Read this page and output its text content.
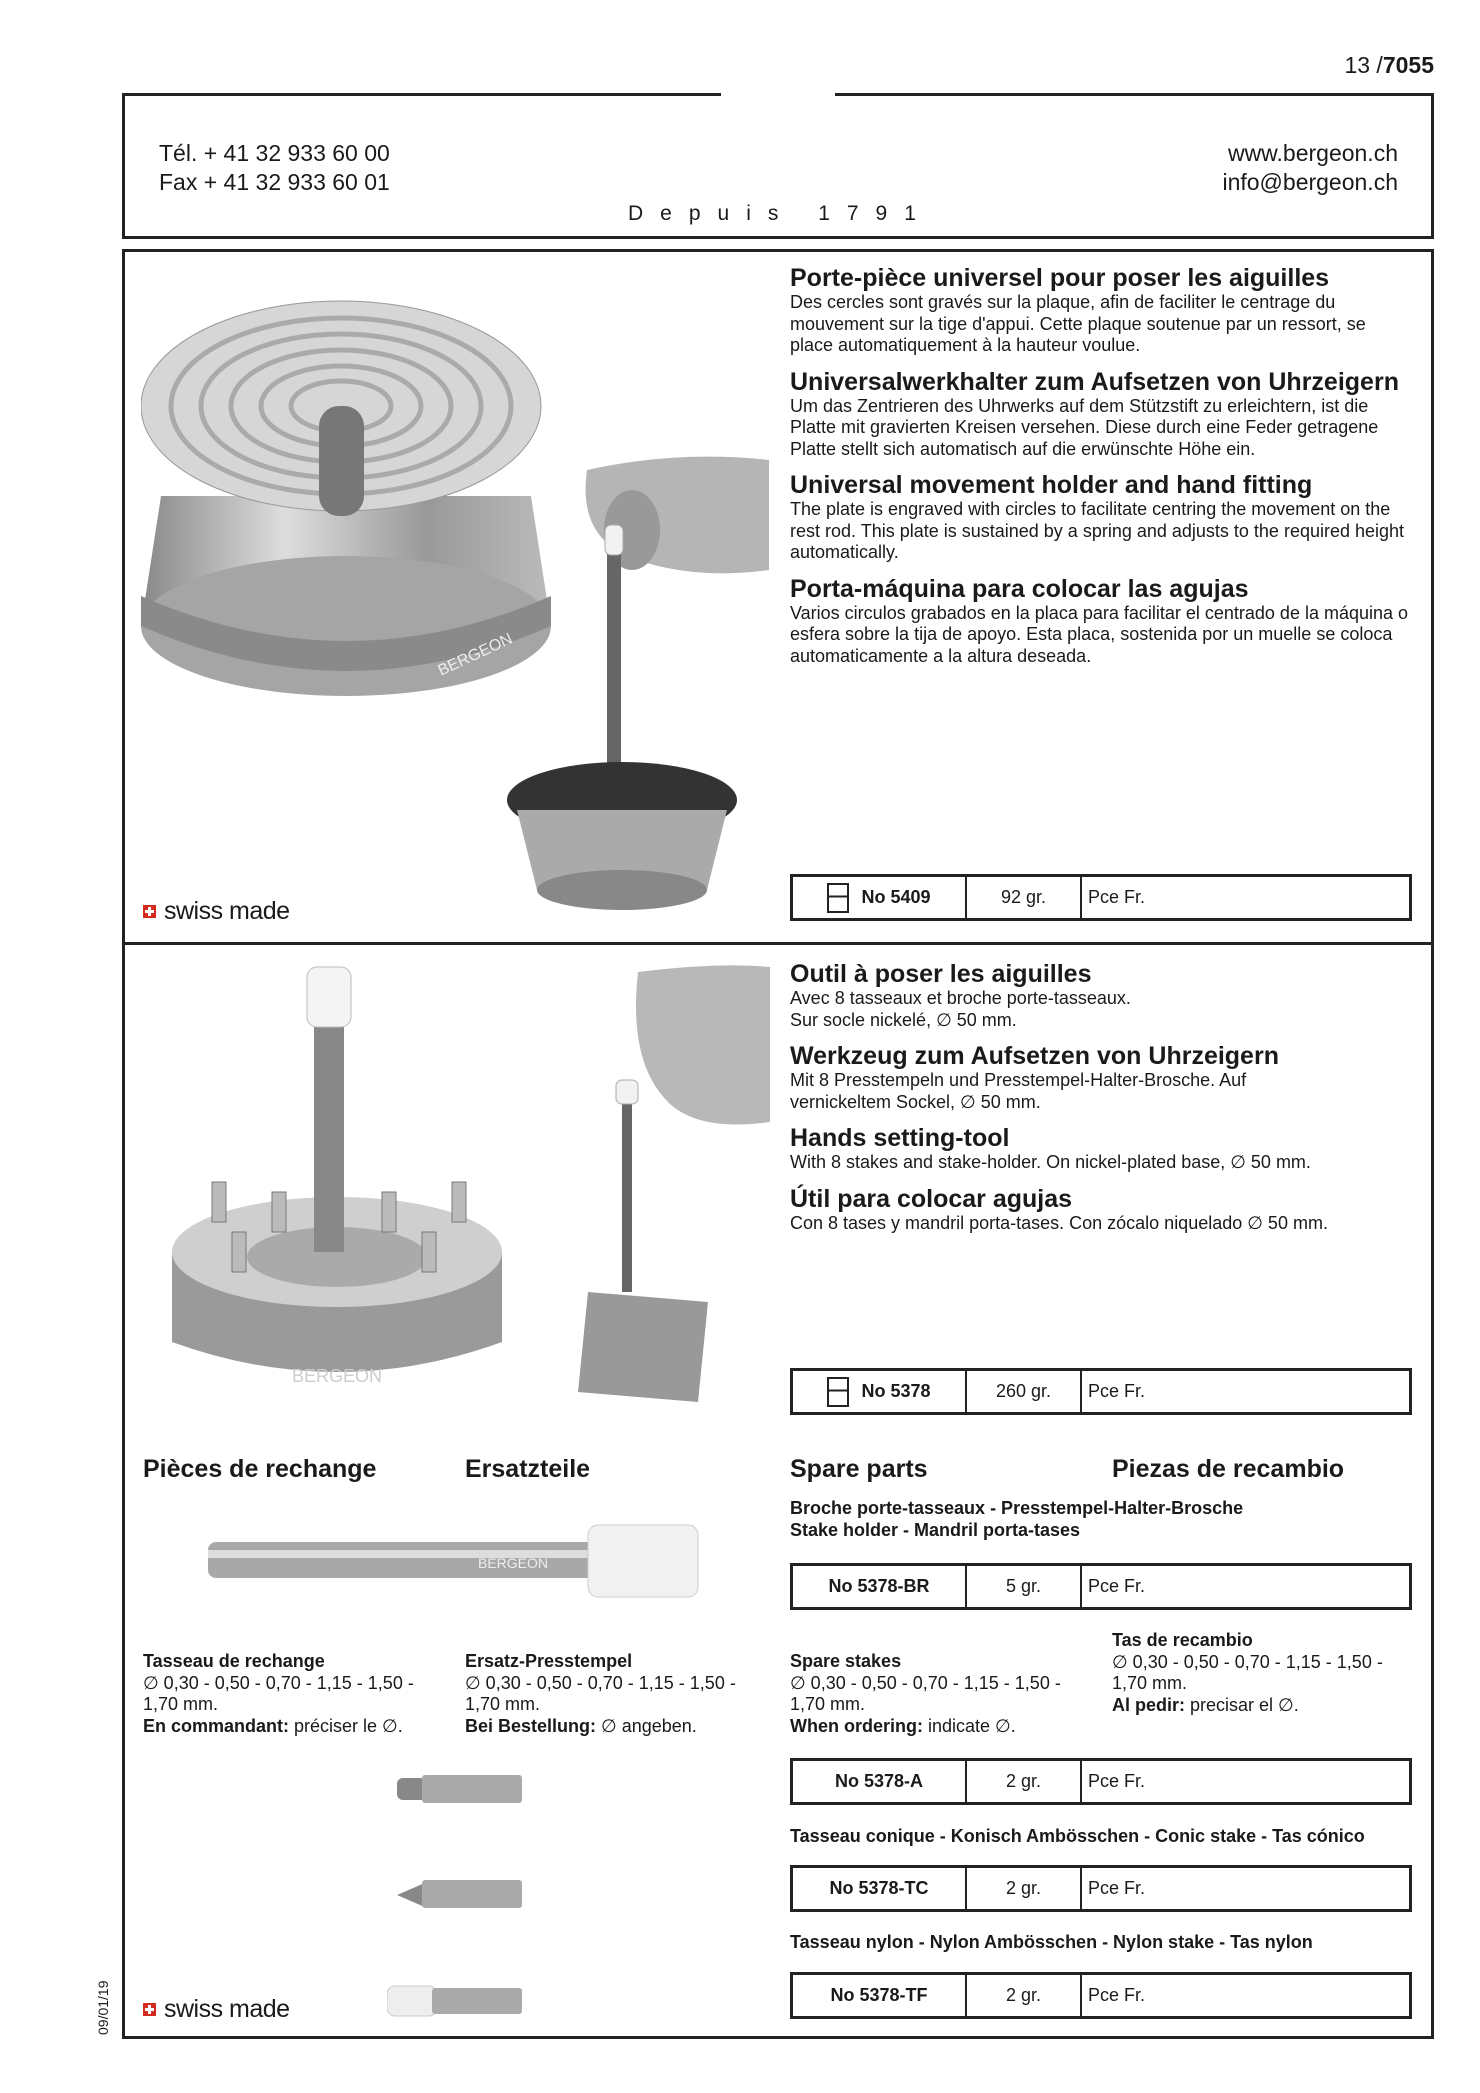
13 /7055
Tél. + 41 32 933 60 00
Fax + 41 32 933 60 01
www.bergeon.ch
info@bergeon.ch
Depuis 1791
BERGEON
swiss made
Porte-pièce universel pour poser les aiguilles
Des cercles sont gravés sur la plaque, afin de faciliter le centrage du mouvement sur la tige d'appui. Cette plaque soutenue par un ressort, se place automatiquement à la hauteur voulue.
Universalwerkhalter zum Aufsetzen von Uhrzeigern
Um das Zentrieren des Uhrwerks auf dem Stützstift zu erleichtern, ist die Platte mit gravierten Kreisen versehen. Diese durch eine Feder getragene Platte stellt sich automatisch auf die erwünschte Höhe ein.
Universal movement holder and hand fitting
The plate is engraved with circles to facilitate centring the movement on the rest rod. This plate is sustained by a spring and adjusts to the required height automatically.
Porta-máquina para colocar las agujas
Varios circulos grabados en la placa para facilitar el centrado de la máquina o esfera sobre la tija de apoyo. Esta placa, sostenida por un muelle se coloca automaticamente a la altura deseada.
No 5409	92 gr.	Pce Fr.
BERGEON
Outil à poser les aiguilles
Avec 8 tasseaux et broche porte-tasseaux. Sur socle nickelé, ∅ 50 mm.
Werkzeug zum Aufsetzen von Uhrzeigern
Mit 8 Presstempeln und Presstempel-Halter-Brosche. Auf vernickeltem Sockel, ∅ 50 mm.
Hands setting-tool
With 8 stakes and stake-holder. On nickel-plated base, ∅ 50 mm.
Útil para colocar agujas
Con 8 tases y mandril porta-tases. Con zócalo niquelado ∅ 50 mm.
No 5378	260 gr.	Pce Fr.
Pièces de rechange	Ersatzteile	Spare parts	Piezas de recambio
BERGEON
Broche porte-tasseaux - Presstempel-Halter-Brosche
Stake holder - Mandril porta-tases
No 5378-BR	5 gr.	Pce Fr.
Tasseau de rechange
∅ 0,30 - 0,50 - 0,70 - 1,15 - 1,50 - 1,70 mm.
En commandant: préciser le ∅.
Ersatz-Presstempel
∅ 0,30 - 0,50 - 0,70 - 1,15 - 1,50 - 1,70 mm.
Bei Bestellung: ∅ angeben.
Spare stakes
∅ 0,30 - 0,50 - 0,70 - 1,15 - 1,50 - 1,70 mm.
When ordering: indicate ∅.
Tas de recambio
∅ 0,30 - 0,50 - 0,70 - 1,15 - 1,50 - 1,70 mm.
Al pedir: precisar el ∅.
No 5378-A	2 gr.	Pce Fr.
Tasseau conique - Konisch Ambösschen - Conic stake - Tas cónico
No 5378-TC	2 gr.	Pce Fr.
Tasseau nylon - Nylon Ambösschen - Nylon stake - Tas nylon
No 5378-TF	2 gr.	Pce Fr.
swiss made
09/01/19
